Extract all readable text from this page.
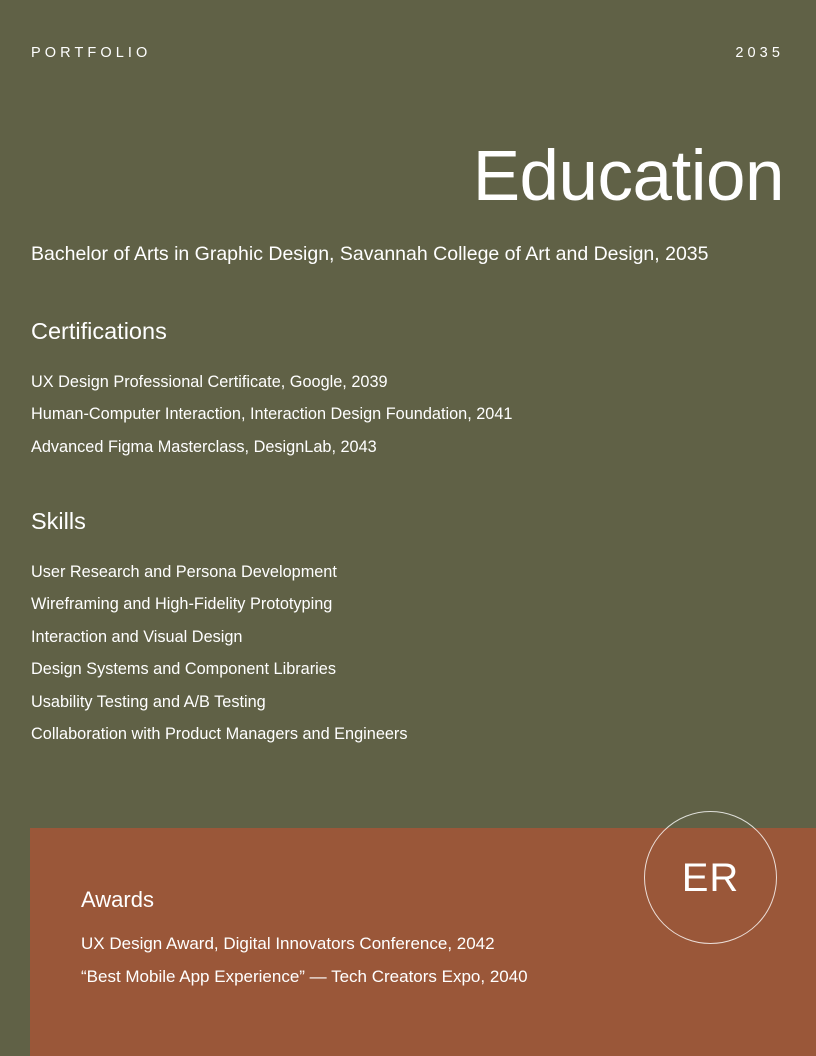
PORTFOLIO	2035
Education

Bachelor of Arts in Graphic Design, Savannah College of Art and Design, 2035

Certifications
UX Design Professional Certificate, Google, 2039
Human-Computer Interaction, Interaction Design Foundation, 2041
Advanced Figma Masterclass, DesignLab, 2043
Skills
User Research and Persona Development
Wireframing and High-Fidelity Prototyping
Interaction and Visual Design
Design Systems and Component Libraries
Usability Testing and A/B Testing
Collaboration with Product Managers and Engineers
Awards
UX Design Award, Digital Innovators Conference, 2042
“Best Mobile App Experience” — Tech Creators Expo, 2040
ER
